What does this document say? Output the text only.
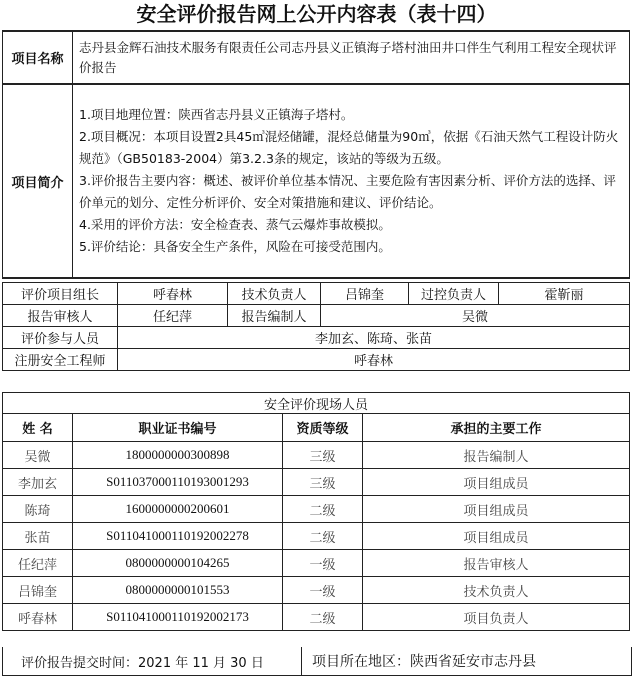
安全评价报告网上公开内容表（表十四）
项目名称	志丹县金辉石油技术服务有限责任公司志丹县义正镇海子塔村油田井口伴生气利用工程安全现状评价报告
项目简介	1.项目地理位置：陕西省志丹县义正镇海子塔村。

2.项目概况：本项目设置2具45㎥混烃储罐，混烃总储量为90㎥，依据《石油天然气工程设计防火规范》（GB50183-2004）第3.2.3条的规定，该站的等级为五级。

3.评价报告主要内容：概述、被评价单位基本情况、主要危险有害因素分析、评价方法的选择、评价单元的划分、定性分析评价、安全对策措施和建议、评价结论。

4.采用的评价方法：安全检查表、蒸气云爆炸事故模拟。

5.评价结论：具备安全生产条件，风险在可接受范围内。

评价项目组长	呼春林	技术负责人	吕锦奎	过控负责人	霍靳丽
报告审核人	任纪萍	报告编制人	吴微		
评价参与人员	李加玄、陈琦、张苗				
注册安全工程师	呼春林				
安全评价现场人员			
姓 名	职业证书编号	资质等级	承担的主要工作
吴微	1800000000300898	三级	报告编制人
李加玄	S011037000110193001293	三级	项目组成员
陈琦	1600000000200601	二级	项目组成员
张苗	S011041000110192002278	二级	项目组成员
任纪萍	0800000000104265	一级	报告审核人
吕锦奎	0800000000101553	一级	技术负责人
呼春林	S011041000110192002173	二级	项目负责人
评价报告提交时间：2021 年 11 月 30 日	项目所在地区：陕西省延安市志丹县
